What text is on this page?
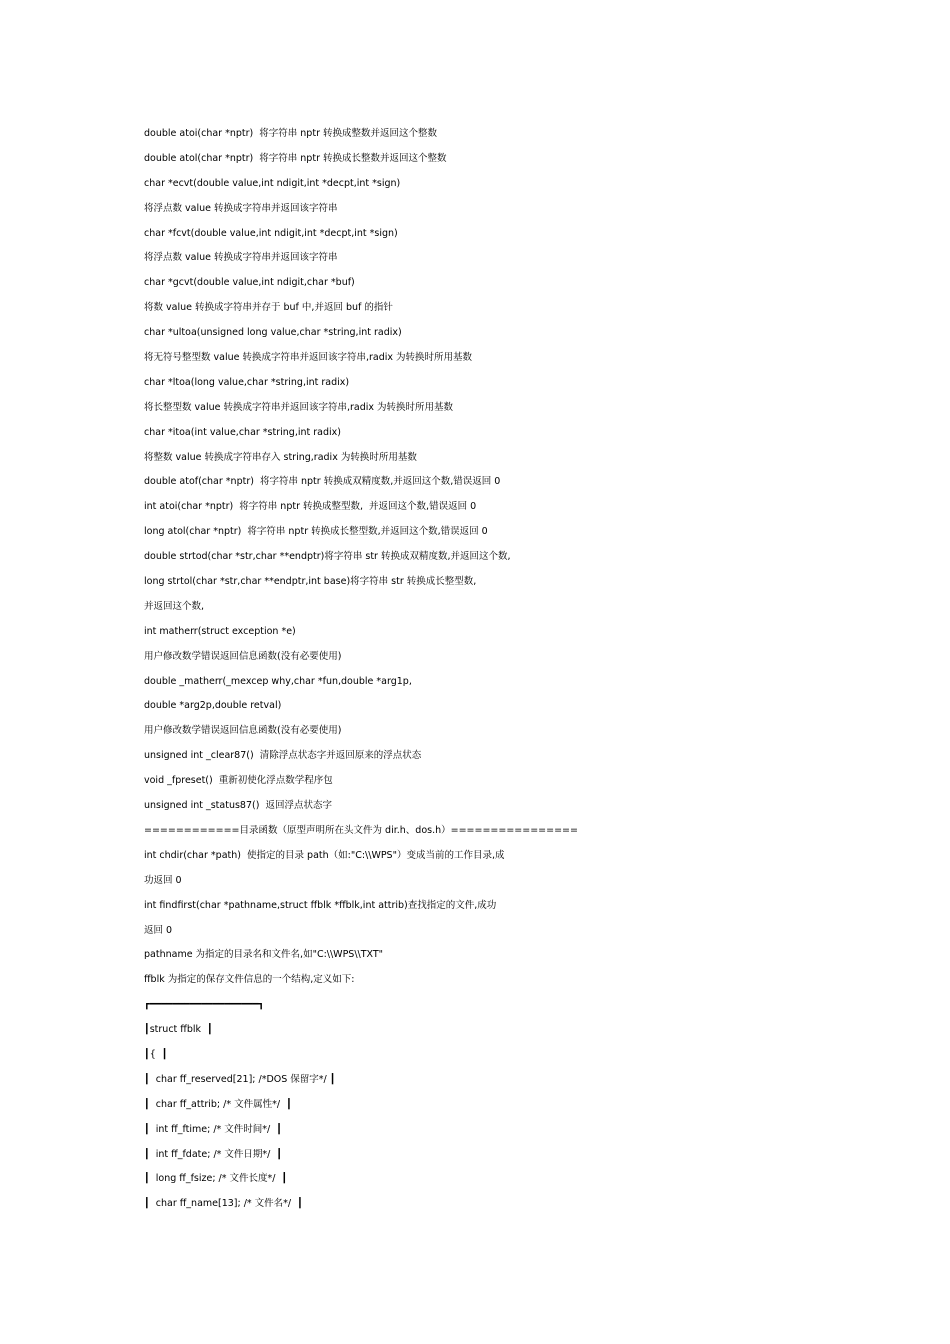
double atoi(char *nptr)  将字符串 nptr 转换成整数并返回这个整数
double atol(char *nptr)  将字符串 nptr 转换成长整数并返回这个整数
char *ecvt(double value,int ndigit,int *decpt,int *sign)
将浮点数 value 转换成字符串并返回该字符串
char *fcvt(double value,int ndigit,int *decpt,int *sign)
将浮点数 value 转换成字符串并返回该字符串
char *gcvt(double value,int ndigit,char *buf)
将数 value 转换成字符串并存于 buf 中,并返回 buf 的指针
char *ultoa(unsigned long value,char *string,int radix)
将无符号整型数 value 转换成字符串并返回该字符串,radix 为转换时所用基数
char *ltoa(long value,char *string,int radix)
将长整型数 value 转换成字符串并返回该字符串,radix 为转换时所用基数
char *itoa(int value,char *string,int radix)
将整数 value 转换成字符串存入 string,radix 为转换时所用基数
double atof(char *nptr)  将字符串 nptr 转换成双精度数,并返回这个数,错误返回 0
int atoi(char *nptr)  将字符串 nptr 转换成整型数,  并返回这个数,错误返回 0
long atol(char *nptr)  将字符串 nptr 转换成长整型数,并返回这个数,错误返回 0
double strtod(char *str,char **endptr)将字符串 str 转换成双精度数,并返回这个数,
long strtol(char *str,char **endptr,int base)将字符串 str 转换成长整型数,
并返回这个数,
int matherr(struct exception *e)
用户修改数学错误返回信息函数(没有必要使用)
double _matherr(_mexcep why,char *fun,double *arg1p,
double *arg2p,double retval)
用户修改数学错误返回信息函数(没有必要使用)
unsigned int _clear87()  清除浮点状态字并返回原来的浮点状态
void _fpreset()  重新初使化浮点数学程序包
unsigned int _status87()  返回浮点状态字
============目录函数（原型声明所在头文件为 dir.h、dos.h）================
int chdir(char *path)  使指定的目录 path（如:"C:\\WPS"）变成当前的工作目录,成
功返回 0
int findfirst(char *pathname,struct ffblk *ffblk,int attrib)查找指定的文件,成功
返回 0
pathname 为指定的目录名和文件名,如"C:\\WPS\\TXT"
ffblk 为指定的保存文件信息的一个结构,定义如下:
┏━━━━━━━━━━━━━━━━━━━┓
┃struct ffblk  ┃
┃{  ┃
┃  char ff_reserved[21]; /*DOS 保留字*/ ┃
┃  char ff_attrib; /* 文件属性*/  ┃
┃  int ff_ftime; /* 文件时间*/  ┃
┃  int ff_fdate; /* 文件日期*/  ┃
┃  long ff_fsize; /* 文件长度*/  ┃
┃  char ff_name[13]; /* 文件名*/  ┃
